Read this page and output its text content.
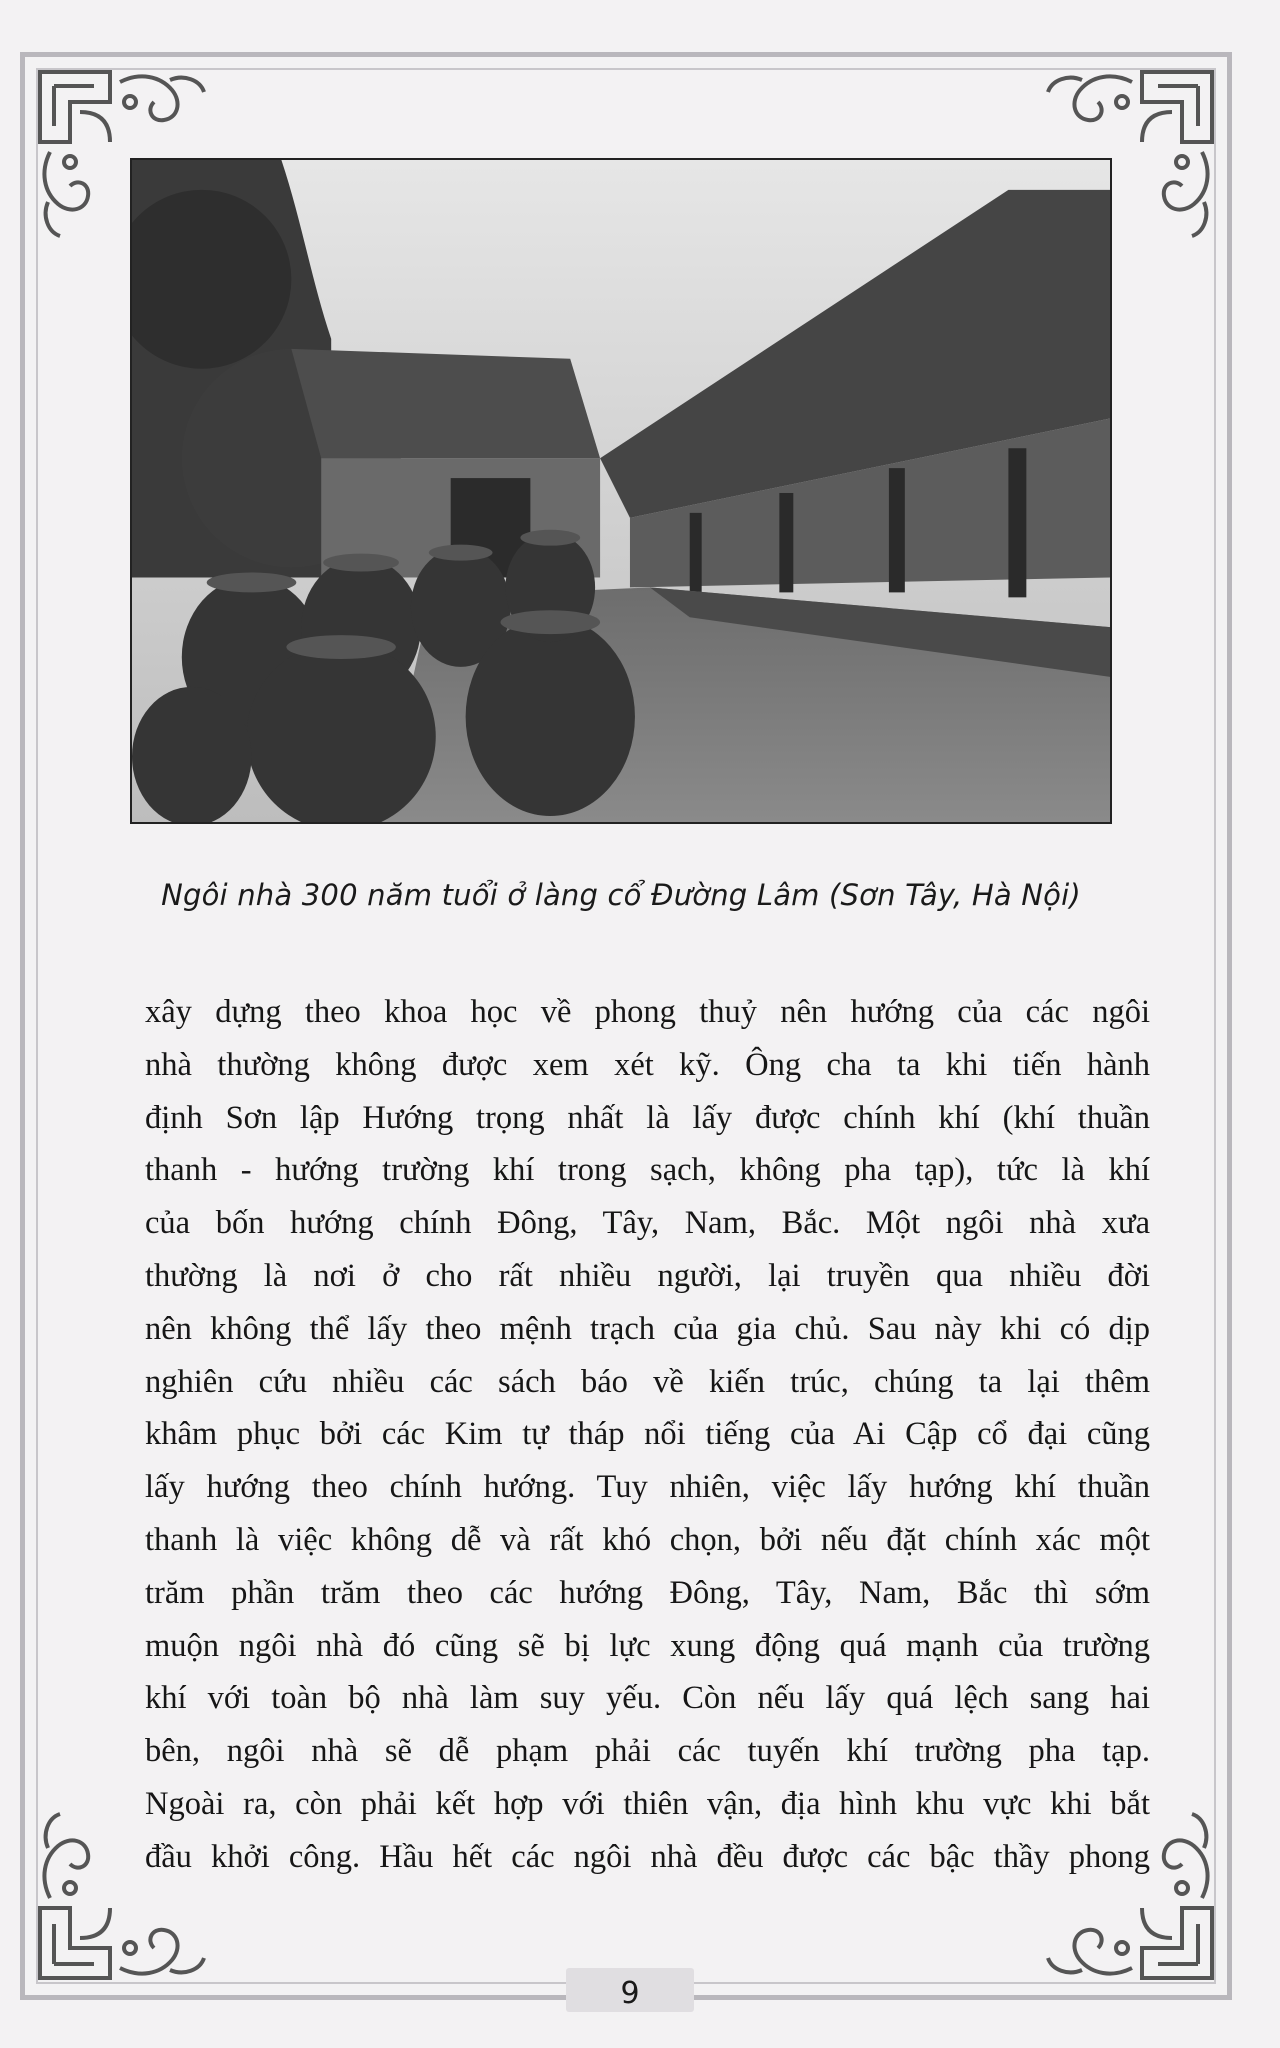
Ngôi nhà 300 năm tuổi ở làng cổ Đường Lâm (Sơn Tây, Hà Nội)
xây dựng theo khoa học về phong thuỷ nên hướng của các ngôi
nhà thường không được xem xét kỹ. Ông cha ta khi tiến hành
định Sơn lập Hướng trọng nhất là lấy được chính khí (khí thuần
thanh - hướng trường khí trong sạch, không pha tạp), tức là khí
của bốn hướng chính Đông, Tây, Nam, Bắc. Một ngôi nhà xưa
thường là nơi ở cho rất nhiều người, lại truyền qua nhiều đời
nên không thể lấy theo mệnh trạch của gia chủ. Sau này khi có dịp
nghiên cứu nhiều các sách báo về kiến trúc, chúng ta lại thêm
khâm phục bởi các Kim tự tháp nổi tiếng của Ai Cập cổ đại cũng
lấy hướng theo chính hướng. Tuy nhiên, việc lấy hướng khí thuần
thanh là việc không dễ và rất khó chọn, bởi nếu đặt chính xác một
trăm phần trăm theo các hướng Đông, Tây, Nam, Bắc thì sớm
muộn ngôi nhà đó cũng sẽ bị lực xung động quá mạnh của trường
khí với toàn bộ nhà làm suy yếu. Còn nếu lấy quá lệch sang hai
bên, ngôi nhà sẽ dễ phạm phải các tuyến khí trường pha tạp.
Ngoài ra, còn phải kết hợp với thiên vận, địa hình khu vực khi bắt
đầu khởi công. Hầu hết các ngôi nhà đều được các bậc thầy phong
9
